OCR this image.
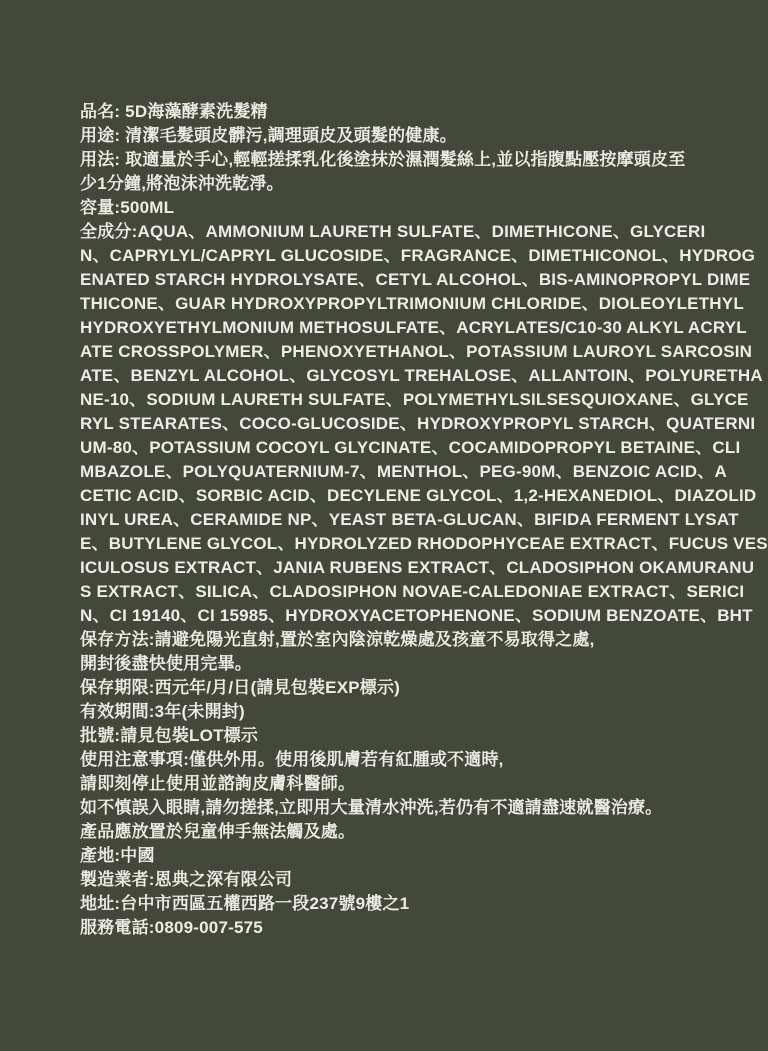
品名: 5D海藻酵素洗髮精
用途: 清潔毛髮頭皮髒污,調理頭皮及頭髮的健康。
用法: 取適量於手心,輕輕搓揉乳化後塗抹於濕潤髮絲上,並以指腹點壓按摩頭皮至
少1分鐘,將泡沫沖洗乾淨。
容量:500ML
全成分:AQUA、AMMONIUM LAURETH SULFATE、DIMETHICONE、GLYCERI
N、CAPRYLYL/CAPRYL GLUCOSIDE、FRAGRANCE、DIMETHICONOL、HYDROG
ENATED STARCH HYDROLYSATE、CETYL ALCOHOL、BIS-AMINOPROPYL DIME
THICONE、GUAR HYDROXYPROPYLTRIMONIUM CHLORIDE、DIOLEOYLETHYL
HYDROXYETHYLMONIUM METHOSULFATE、ACRYLATES/C10-30 ALKYL ACRYL
ATE CROSSPOLYMER、PHENOXYETHANOL、POTASSIUM LAUROYL SARCOSIN
ATE、BENZYL ALCOHOL、GLYCOSYL TREHALOSE、ALLANTOIN、POLYURETHA
NE-10、SODIUM LAURETH SULFATE、POLYMETHYLSILSESQUIOXANE、GLYCE
RYL STEARATES、COCO-GLUCOSIDE、HYDROXYPROPYL STARCH、QUATERNI
UM-80、POTASSIUM COCOYL GLYCINATE、COCAMIDOPROPYL BETAINE、CLI
MBAZOLE、POLYQUATERNIUM-7、MENTHOL、PEG-90M、BENZOIC ACID、A
CETIC ACID、SORBIC ACID、DECYLENE GLYCOL、1,2-HEXANEDIOL、DIAZOLID
INYL UREA、CERAMIDE NP、YEAST BETA-GLUCAN、BIFIDA FERMENT LYSAT
E、BUTYLENE GLYCOL、HYDROLYZED RHODOPHYCEAE EXTRACT、FUCUS VES
ICULOSUS EXTRACT、JANIA RUBENS EXTRACT、CLADOSIPHON OKAMURANU
S EXTRACT、SILICA、CLADOSIPHON NOVAE-CALEDONIAE EXTRACT、SERICI
N、CI 19140、CI 15985、HYDROXYACETOPHENONE、SODIUM BENZOATE、BHT
保存方法:請避免陽光直射,置於室內陰涼乾燥處及孩童不易取得之處,
開封後盡快使用完畢。
保存期限:西元年/月/日(請見包裝EXP標示)
有效期間:3年(未開封)
批號:請見包裝LOT標示
使用注意事項:僅供外用。使用後肌膚若有紅腫或不適時,
請即刻停止使用並諮詢皮膚科醫師。
如不慎誤入眼睛,請勿搓揉,立即用大量清水沖洗,若仍有不適請盡速就醫治療。
產品應放置於兒童伸手無法觸及處。
產地:中國
製造業者:恩典之深有限公司
地址:台中市西區五權西路一段237號9樓之1
服務電話:0809-007-575
